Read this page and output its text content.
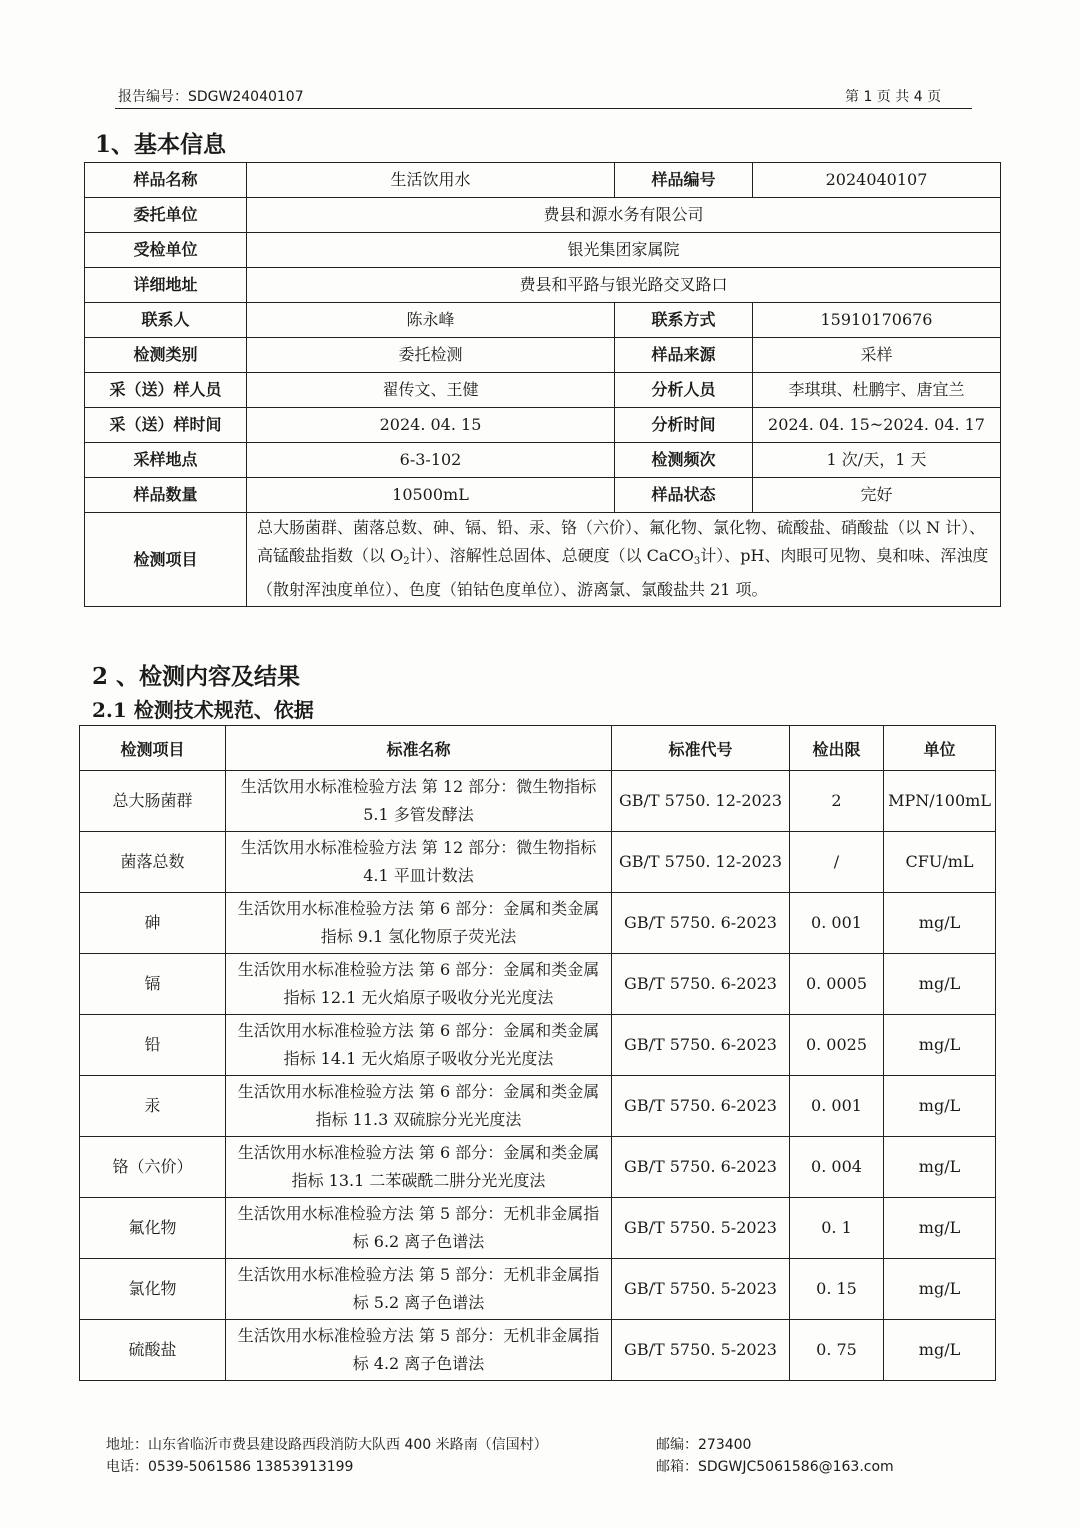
报告编号：SDGW24040107	第 1 页 共 4 页
1、基本信息
样品名称	生活饮用水	样品编号	2024040107
委托单位	费县和源水务有限公司		
受检单位	银光集团家属院		
详细地址	费县和平路与银光路交叉路口		
联系人	陈永峰	联系方式	15910170676
检测类别	委托检测	样品来源	采样
采（送）样人员	翟传文、王健	分析人员	李琪琪、杜鹏宇、唐宜兰
采（送）样时间	2024. 04. 15	分析时间	2024. 04. 15~2024. 04. 17
采样地点	6-3-102	检测频次	1 次/天，1 天
样品数量	10500mL	样品状态	完好
检测项目	总大肠菌群、菌落总数、砷、镉、铅、汞、铬（六价）、氟化物、氯化物、硫酸盐、硝酸盐（以 N 计）、高锰酸盐指数（以 $O_2$计）、溶解性总固体、总硬度（以 CaCO$_3$计）、pH、肉眼可见物、臭和味、浑浊度（散射浑浊度单位）、色度（铂钴色度单位）、游离氯、氯酸盐共 21 项。		
2 、检测内容及结果
2.1 检测技术规范、依据
检测项目	标准名称	标准代号	检出限	单位
总大肠菌群	生活饮用水标准检验方法 第 12 部分：微生物指标 5.1 多管发酵法	GB/T 5750. 12-2023	2	MPN/100mL
菌落总数	生活饮用水标准检验方法 第 12 部分：微生物指标 4.1 平皿计数法	GB/T 5750. 12-2023	/	CFU/mL
砷	生活饮用水标准检验方法 第 6 部分：金属和类金属指标 9.1 氢化物原子荧光法	GB/T 5750. 6-2023	0. 001	mg/L
镉	生活饮用水标准检验方法 第 6 部分：金属和类金属指标 12.1 无火焰原子吸收分光光度法	GB/T 5750. 6-2023	0. 0005	mg/L
铅	生活饮用水标准检验方法 第 6 部分：金属和类金属指标 14.1 无火焰原子吸收分光光度法	GB/T 5750. 6-2023	0. 0025	mg/L
汞	生活饮用水标准检验方法 第 6 部分：金属和类金属指标 11.3 双硫腙分光光度法	GB/T 5750. 6-2023	0. 001	mg/L
铬（六价）	生活饮用水标准检验方法 第 6 部分：金属和类金属指标 13.1 二苯碳酰二肼分光光度法	GB/T 5750. 6-2023	0. 004	mg/L
氟化物	生活饮用水标准检验方法 第 5 部分：无机非金属指标 6.2 离子色谱法	GB/T 5750. 5-2023	0. 1	mg/L
氯化物	生活饮用水标准检验方法 第 5 部分：无机非金属指标 5.2 离子色谱法	GB/T 5750. 5-2023	0. 15	mg/L
硫酸盐	生活饮用水标准检验方法 第 5 部分：无机非金属指标 4.2 离子色谱法	GB/T 5750. 5-2023	0. 75	mg/L
地址：山东省临沂市费县建设路西段消防大队西 400 米路南（信国村）	邮编：273400
电话：0539-5061586 13853913199	邮箱：SDGWJC5061586@163.com
